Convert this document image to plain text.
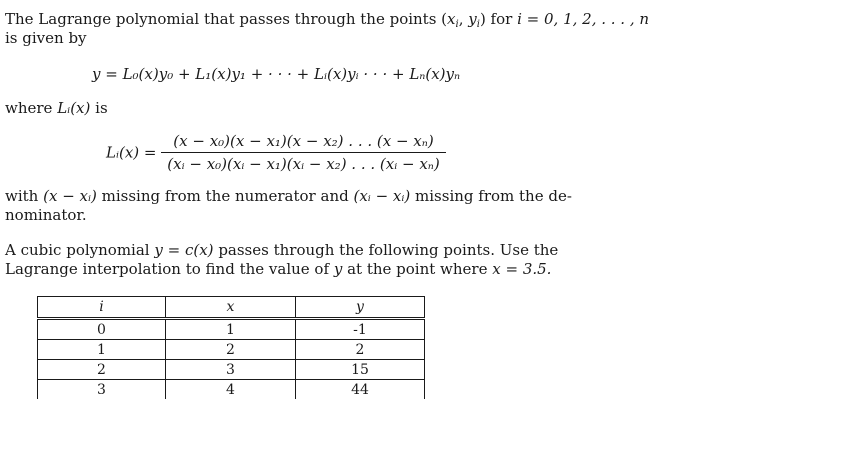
The Lagrange polynomial that passes through the points ($x_i$, $y_i$) for i = 0, 1, 2, . . . , n
is given by
y = L₀(x)y₀ + L₁(x)y₁ + · · · + Lᵢ(x)yᵢ · · · + Lₙ(x)yₙ
where Lᵢ(x) is
Lᵢ(x) = $\frac{\text{(x − x₀)(x − x₁)(x − x₂) . . . (x − xₙ)}}{\text{(xᵢ − x₀)(xᵢ − x₁)(xᵢ − x₂) . . . (xᵢ − xₙ)}}$
with (x − xᵢ) missing from the numerator and (xᵢ − xᵢ) missing from the de-
nominator.
A cubic polynomial y = c(x) passes through the following points. Use the
Lagrange interpolation to find the value of y at the point where x = 3.5.
i	x	y
0	1	-1
1	2	2
2	3	15
3	4	44
